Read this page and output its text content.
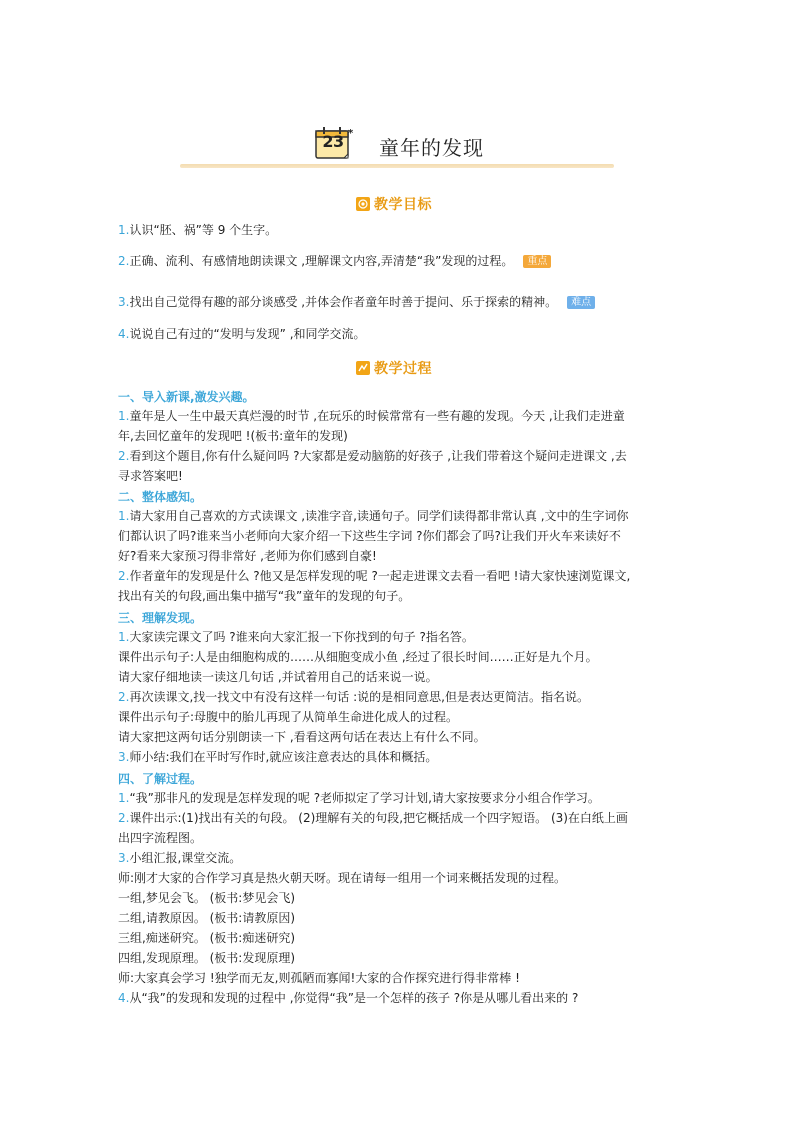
23 *
童年的发现
教学目标
1.认识“胚、祸”等 9 个生字。
2.正确、流利、有感情地朗读课文 ,理解课文内容,弄清楚“我”发现的过程。 重点
3.找出自己觉得有趣的部分谈感受 ,并体会作者童年时善于提问、乐于探索的精神。 难点
4.说说自己有过的“发明与发现” ,和同学交流。
教学过程
一、导入新课,激发兴趣。
1.童年是人一生中最天真烂漫的时节 ,在玩乐的时候常常有一些有趣的发现。今天 ,让我们走进童
年,去回忆童年的发现吧 !(板书:童年的发现)
2.看到这个题目,你有什么疑问吗 ?大家都是爱动脑筋的好孩子 ,让我们带着这个疑问走进课文 ,去
寻求答案吧!
二、整体感知。
1.请大家用自己喜欢的方式读课文 ,读准字音,读通句子。同学们读得都非常认真 ,文中的生字词你
们都认识了吗?谁来当小老师向大家介绍一下这些生字词 ?你们都会了吗?让我们开火车来读好不
好?看来大家预习得非常好 ,老师为你们感到自豪!
2.作者童年的发现是什么 ?他又是怎样发现的呢 ?一起走进课文去看一看吧 !请大家快速浏览课文,
找出有关的句段,画出集中描写“我”童年的发现的句子。
三、理解发现。
1.大家读完课文了吗 ?谁来向大家汇报一下你找到的句子 ?指名答。
课件出示句子:人是由细胞构成的……从细胞变成小鱼 ,经过了很长时间……正好是九个月。
请大家仔细地读一读这几句话 ,并试着用自己的话来说一说。
2.再次读课文,找一找文中有没有这样一句话 :说的是相同意思,但是表达更简洁。指名说。
课件出示句子:母腹中的胎儿再现了从简单生命进化成人的过程。
请大家把这两句话分别朗读一下 ,看看这两句话在表达上有什么不同。
3.师小结:我们在平时写作时,就应该注意表达的具体和概括。
四、了解过程。
1.“我”那非凡的发现是怎样发现的呢 ?老师拟定了学习计划,请大家按要求分小组合作学习。
2.课件出示:(1)找出有关的句段。 (2)理解有关的句段,把它概括成一个四字短语。 (3)在白纸上画
出四字流程图。
3.小组汇报,课堂交流。
师:刚才大家的合作学习真是热火朝天呀。现在请每一组用一个词来概括发现的过程。
一组,梦见会飞。 (板书:梦见会飞)
二组,请教原因。 (板书:请教原因)
三组,痴迷研究。 (板书:痴迷研究)
四组,发现原理。 (板书:发现原理)
师:大家真会学习 !独学而无友,则孤陋而寡闻!大家的合作探究进行得非常棒 !
4.从“我”的发现和发现的过程中 ,你觉得“我”是一个怎样的孩子 ?你是从哪儿看出来的 ?
